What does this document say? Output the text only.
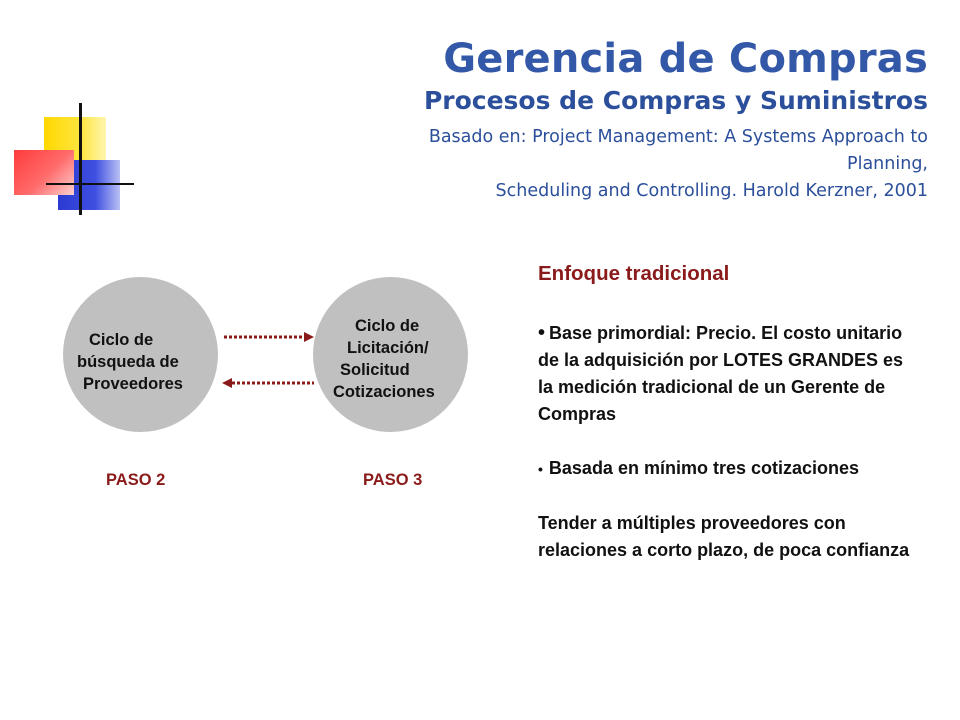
Gerencia de Compras
Procesos de Compras y Suministros
Basado en: Project Management: A Systems Approach to Planning,
Scheduling and Controlling. Harold Kerzner, 2001
Ciclo de
búsqueda de
Proveedores
Ciclo de
Licitación/
Solicitud
Cotizaciones
PASO 2	PASO 3
Enfoque tradicional
• Base primordial: Precio. El costo unitario de la adquisición por LOTES GRANDES es la medición tradicional de un Gerente de Compras
• Basada en mínimo tres cotizaciones
Tender a múltiples proveedores con relaciones a corto plazo, de poca confianza
